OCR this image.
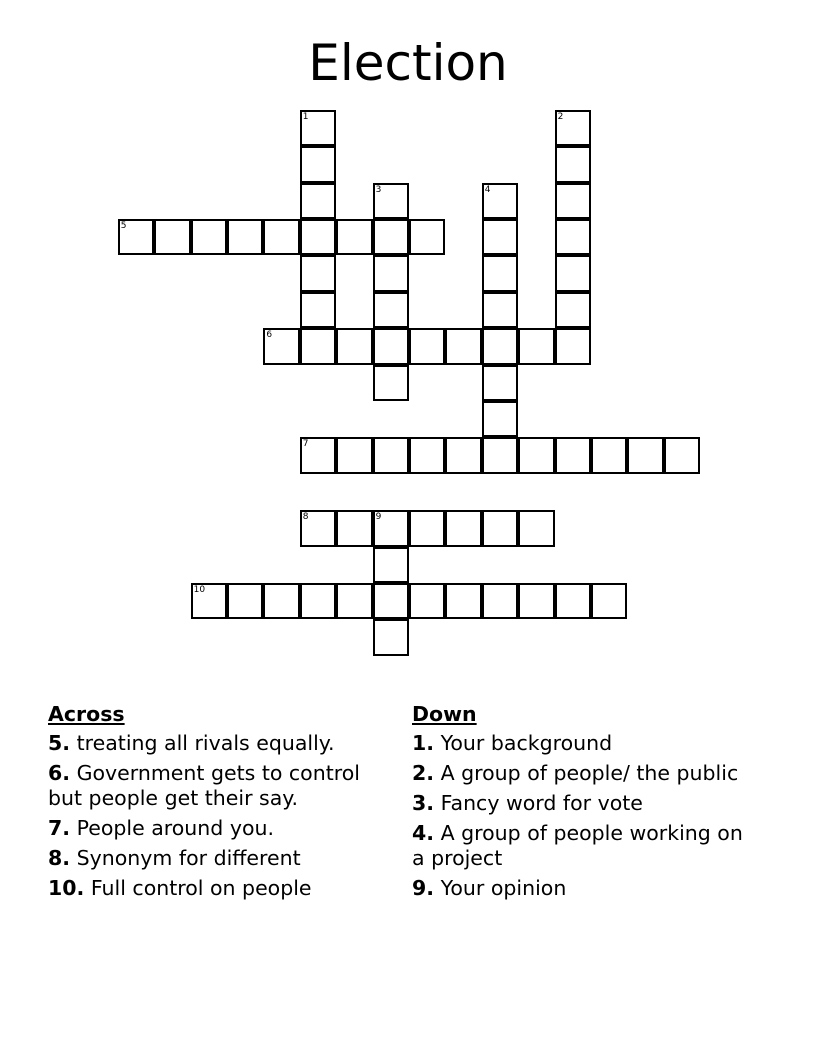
Election
1	2
3	4
5
6
7
8	9
10
Across
5. treating all rivals equally.
6. Government gets to control but people get their say.
7. People around you.
8. Synonym for different
10. Full control on people
Down
1. Your background
2. A group of people/ the public
3. Fancy word for vote
4. A group of people working on a project
9. Your opinion
